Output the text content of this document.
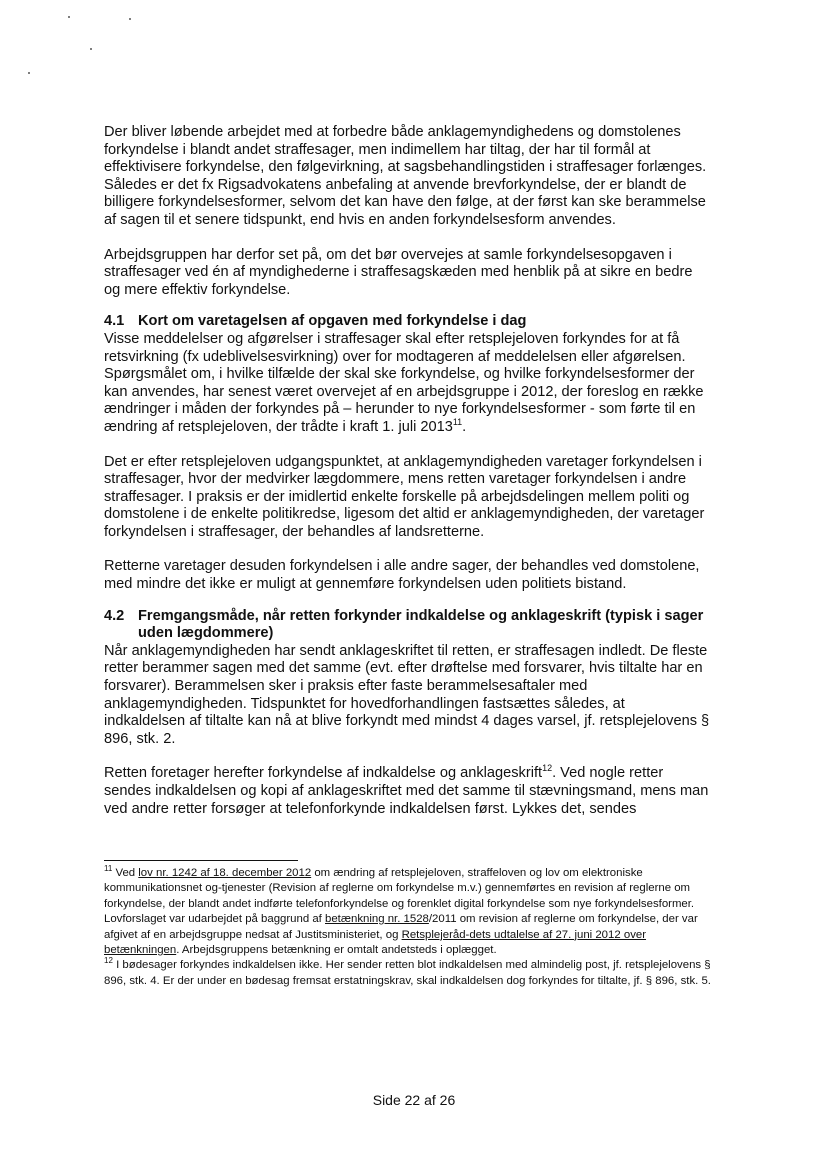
Der bliver løbende arbejdet med at forbedre både anklagemyndighedens og domstolenes forkyndelse i blandt andet straffesager, men indimellem har tiltag, der har til formål at effektivisere forkyndelse, den følgevirkning, at sagsbehandlingstiden i straffesager forlænges. Således er det fx Rigsadvokatens anbefaling at anvende brevforkyndelse, der er blandt de billigere forkyndelsesformer, selvom det kan have den følge, at der først kan ske berammelse af sagen til et senere tidspunkt, end hvis en anden forkyndelsesform anvendes.

Arbejdsgruppen har derfor set på, om det bør overvejes at samle forkyndelsesopgaven i straffesager ved én af myndighederne i straffesagskæden med henblik på at sikre en bedre og mere effektiv forkyndelse.

4.1 Kort om varetagelsen af opgaven med forkyndelse i dag

Visse meddelelser og afgørelser i straffesager skal efter retsplejeloven forkyndes for at få retsvirkning (fx udeblivelsesvirkning) over for modtageren af meddelelsen eller afgørelsen. Spørgsmålet om, i hvilke tilfælde der skal ske forkyndelse, og hvilke forkyndelsesformer der kan anvendes, har senest været overvejet af en arbejdsgruppe i 2012, der foreslog en række ændringer i måden der forkyndes på – herunder to nye forkyndelsesformer - som førte til en ændring af retsplejeloven, der trådte i kraft 1. juli 2013$^{11}$.

Det er efter retsplejeloven udgangspunktet, at anklagemyndigheden varetager forkyndelsen i straffesager, hvor der medvirker lægdommere, mens retten varetager forkyndelsen i andre straffesager. I praksis er der imidlertid enkelte forskelle på arbejdsdelingen mellem politi og domstolene i de enkelte politikredse, ligesom det altid er anklagemyndigheden, der varetager forkyndelsen i straffesager, der behandles af landsretterne.

Retterne varetager desuden forkyndelsen i alle andre sager, der behandles ved domstolene, med mindre det ikke er muligt at gennemføre forkyndelsen uden politiets bistand.

4.2 Fremgangsmåde, når retten forkynder indkaldelse og anklageskrift (typisk i sager uden lægdommere)

Når anklagemyndigheden har sendt anklageskriftet til retten, er straffesagen indledt. De fleste retter berammer sagen med det samme (evt. efter drøftelse med forsvarer, hvis tiltalte har en forsvarer). Berammelsen sker i praksis efter faste berammelsesaftaler med anklagemyndigheden. Tidspunktet for hovedforhandlingen fastsættes således, at indkaldelsen af tiltalte kan nå at blive forkyndt med mindst 4 dages varsel, jf. retsplejelovens § 896, stk. 2.

Retten foretager herefter forkyndelse af indkaldelse og anklageskrift$^{12}$. Ved nogle retter sendes indkaldelsen og kopi af anklageskriftet med det samme til stævningsmand, mens man ved andre retter forsøger at telefonforkynde indkaldelsen først. Lykkes det, sendes

$^{11}$ Ved lov nr. 1242 af 18. december 2012 om ændring af retsplejeloven, straffeloven og lov om elektroniske kommunikationsnet og-tjenester (Revision af reglerne om forkyndelse m.v.) gennemførtes en revision af reglerne om forkyndelse, der blandt andet indførte telefonforkyndelse og forenklet digital forkyndelse som nye forkyndelsesformer. Lovforslaget var udarbejdet på baggrund af betænkning nr. 1528/2011 om revision af reglerne om forkyndelse, der var afgivet af en arbejdsgruppe nedsat af Justitsministeriet, og Retsplejeråd-dets udtalelse af 27. juni 2012 over betænkningen. Arbejdsgruppens betænkning er omtalt andetsteds i oplægget.

$^{12}$ I bødesager forkyndes indkaldelsen ikke. Her sender retten blot indkaldelsen med almindelig post, jf. retsplejelovens § 896, stk. 4. Er der under en bødesag fremsat erstatningskrav, skal indkaldelsen dog forkyndes for tiltalte, jf. § 896, stk. 5.

Side 22 af 26
